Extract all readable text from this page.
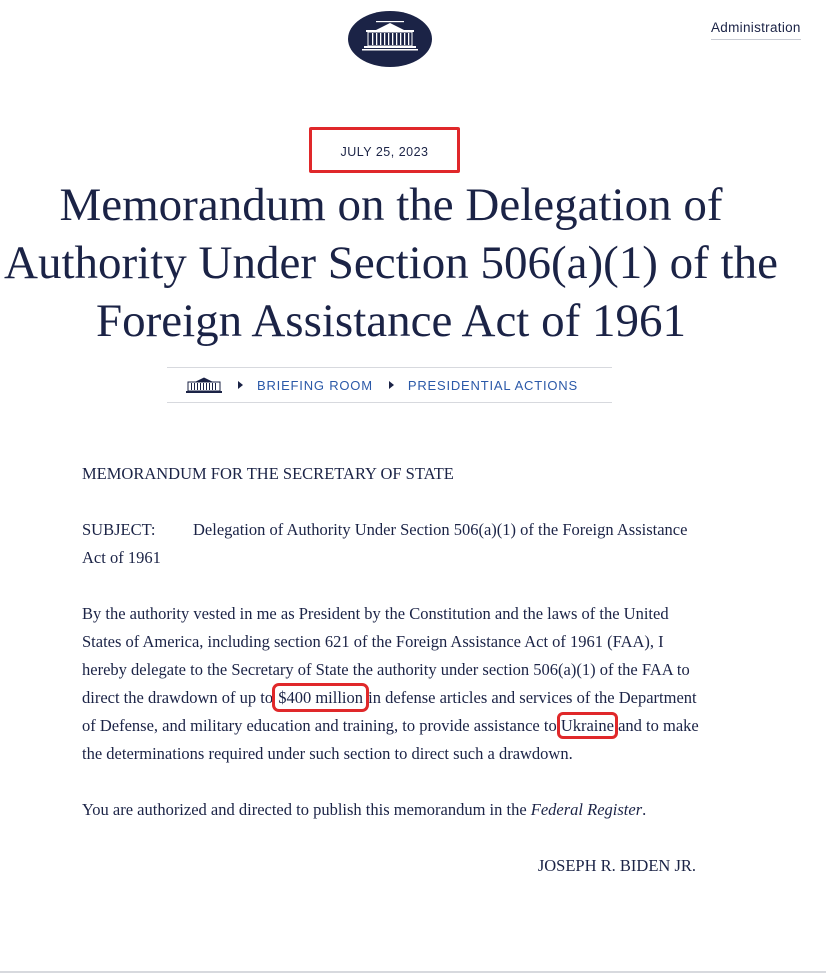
Administration
JULY 25, 2023
Memorandum on the Delegation of Authority Under Section 506(a)(1) of the Foreign Assistance Act of 1961
BRIEFING ROOM	PRESIDENTIAL ACTIONS

MEMORANDUM FOR THE SECRETARY OF STATE

SUBJECT: Delegation of Authority Under Section 506(a)(1) of the Foreign Assistance Act of 1961

By the authority vested in me as President by the Constitution and the laws of the United States of America, including section 621 of the Foreign Assistance Act of 1961 (FAA), I hereby delegate to the Secretary of State the authority under section 506(a)(1) of the FAA to direct the drawdown of up to $400 million in defense articles and services of the Department of Defense, and military education and training, to provide assistance to Ukraine and to make the determinations required under such section to direct such a drawdown.

You are authorized and directed to publish this memorandum in the Federal Register.

JOSEPH R. BIDEN JR.
